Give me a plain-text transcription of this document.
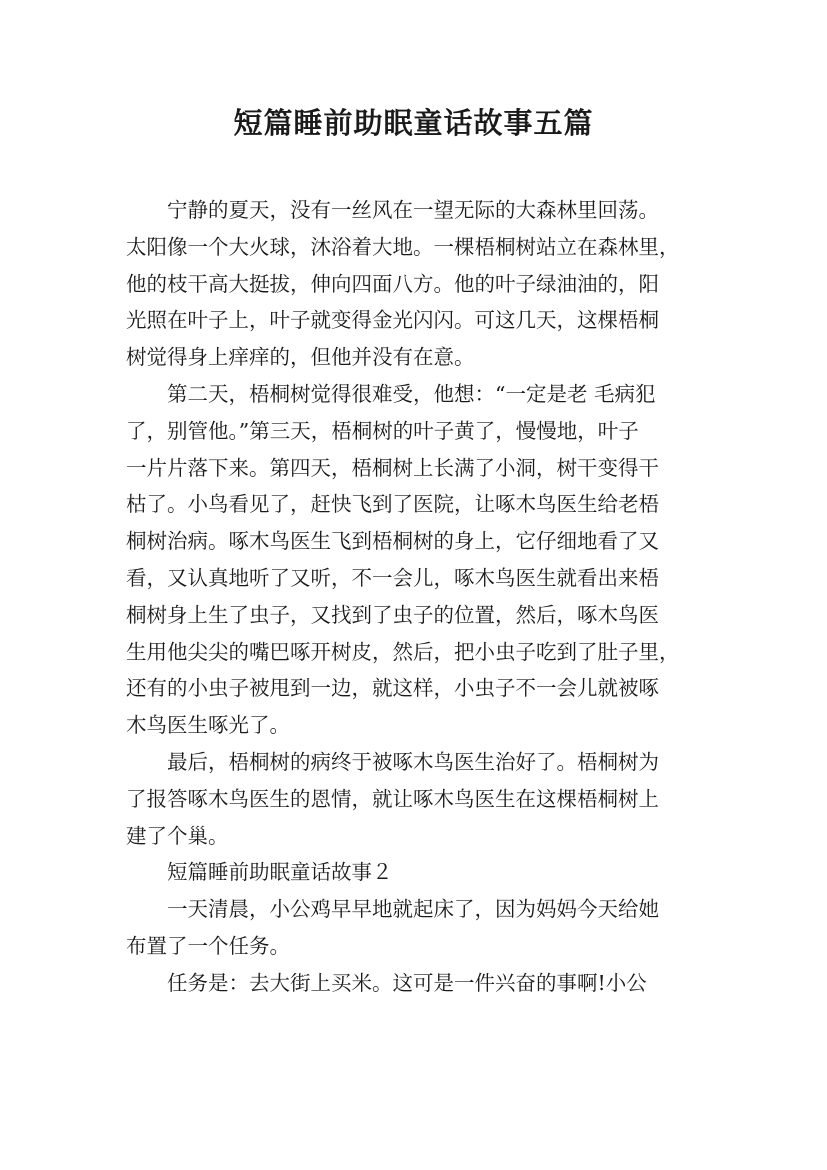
短篇睡前助眠童话故事五篇
　　宁静的夏天，没有一丝风在一望无际的大森林里回荡。
太阳像一个大火球，沐浴着大地。一棵梧桐树站立在森林里，
他的枝干高大挺拔，伸向四面八方。他的叶子绿油油的，阳
光照在叶子上，叶子就变得金光闪闪。可这几天，这棵梧桐
树觉得身上痒痒的，但他并没有在意。
　　第二天，梧桐树觉得很难受，他想：“一定是老 毛病犯
了，别管他。”第三天，梧桐树的叶子黄了，慢慢地，叶子
一片片落下来。第四天，梧桐树上长满了小洞，树干变得干
枯了。小鸟看见了，赶快飞到了医院，让啄木鸟医生给老梧
桐树治病。啄木鸟医生飞到梧桐树的身上，它仔细地看了又
看，又认真地听了又听，不一会儿，啄木鸟医生就看出来梧
桐树身上生了虫子，又找到了虫子的位置，然后，啄木鸟医
生用他尖尖的嘴巴啄开树皮，然后，把小虫子吃到了肚子里，
还有的小虫子被甩到一边，就这样，小虫子不一会儿就被啄
木鸟医生啄光了。
　　最后，梧桐树的病终于被啄木鸟医生治好了。梧桐树为
了报答啄木鸟医生的恩情，就让啄木鸟医生在这棵梧桐树上
建了个巢。
　　短篇睡前助眠童话故事２
　　一天清晨，小公鸡早早地就起床了，因为妈妈今天给她
布置了一个任务。
　　任务是：去大街上买米。这可是一件兴奋的事啊!小公
